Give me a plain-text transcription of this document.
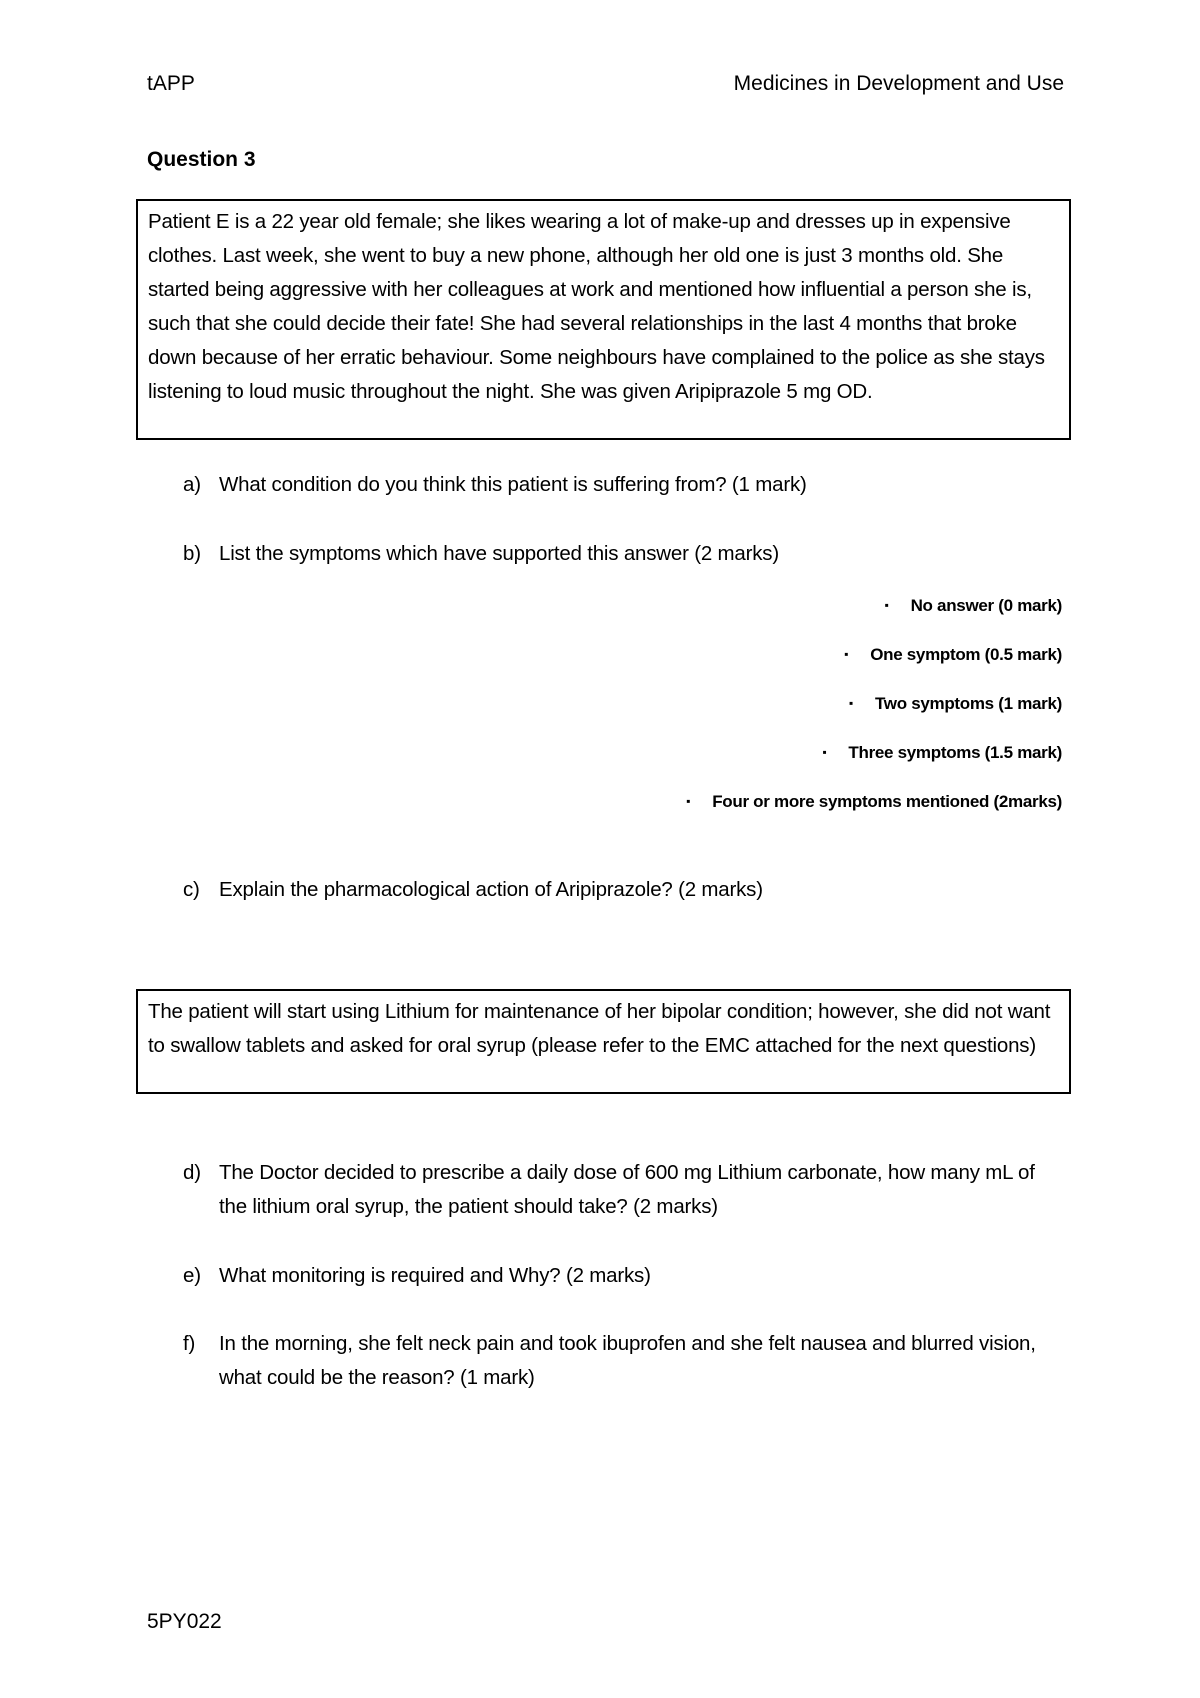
tAPP	Medicines in Development and Use
Question 3
Patient E is a 22 year old female; she likes wearing a lot of make-up and dresses up in expensive clothes. Last week, she went to buy a new phone, although her old one is just 3 months old. She started being aggressive with her colleagues at work and mentioned how influential a person she is, such that she could decide their fate! She had several relationships in the last 4 months that broke down because of her erratic behaviour. Some neighbours have complained to the police as she stays listening to loud music throughout the night. She was given Aripiprazole 5 mg OD.
a) What condition do you think this patient is suffering from? (1 mark)
b) List the symptoms which have supported this answer (2 marks)
▪ No answer (0 mark)
▪ One symptom (0.5 mark)
▪ Two symptoms (1 mark)
▪ Three symptoms (1.5 mark)
▪ Four or more symptoms mentioned (2marks)
c) Explain the pharmacological action of Aripiprazole? (2 marks)
The patient will start using Lithium for maintenance of her bipolar condition; however, she did not want to swallow tablets and asked for oral syrup (please refer to the EMC attached for the next questions)
d) The Doctor decided to prescribe a daily dose of 600 mg Lithium carbonate, how many mL of the lithium oral syrup, the patient should take? (2 marks)
e) What monitoring is required and Why? (2 marks)
f) In the morning, she felt neck pain and took ibuprofen and she felt nausea and blurred vision, what could be the reason? (1 mark)
5PY022
